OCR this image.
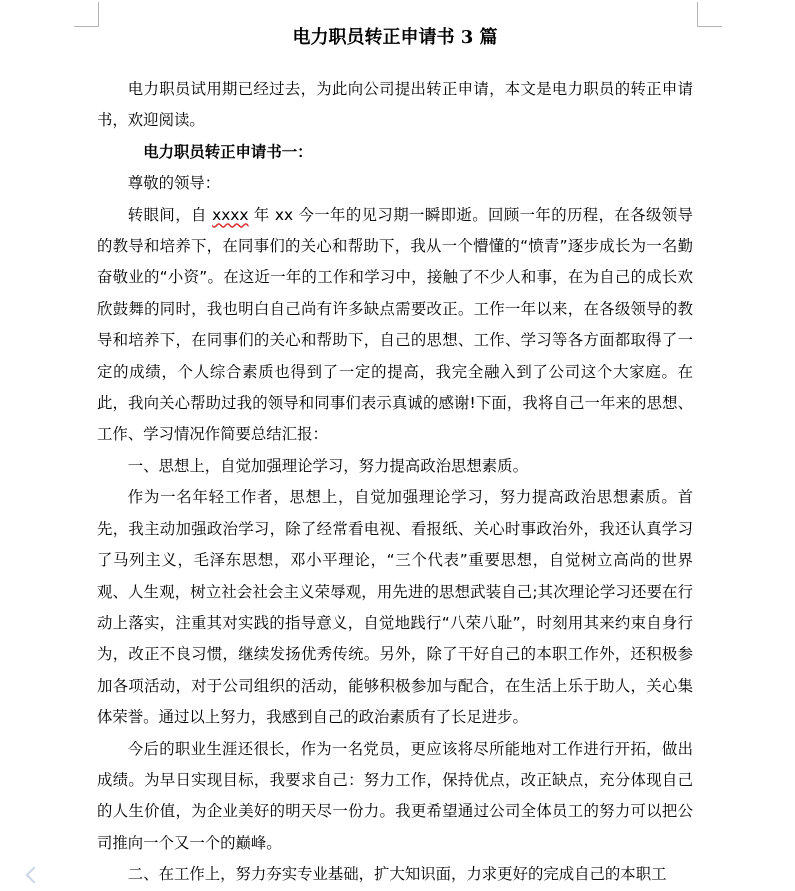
电力职员转正申请书 3 篇

电力职员试用期已经过去，为此向公司提出转正申请，本文是电力职员的转正申请书，欢迎阅读。

电力职员转正申请书一：

尊敬的领导：

转眼间，自 xxxx 年 xx 今一年的见习期一瞬即逝。回顾一年的历程，在各级领导的教导和培养下，在同事们的关心和帮助下，我从一个懵懂的“愤青”逐步成长为一名勤奋敬业的“小资”。在这近一年的工作和学习中，接触了不少人和事，在为自己的成长欢欣鼓舞的同时，我也明白自己尚有许多缺点需要改正。工作一年以来，在各级领导的教导和培养下，在同事们的关心和帮助下，自己的思想、工作、学习等各方面都取得了一定的成绩，个人综合素质也得到了一定的提高，我完全融入到了公司这个大家庭。在此，我向关心帮助过我的领导和同事们表示真诚的感谢!下面，我将自己一年来的思想、工作、学习情况作简要总结汇报：

一、思想上，自觉加强理论学习，努力提高政治思想素质。

作为一名年轻工作者，思想上，自觉加强理论学习，努力提高政治思想素质。首先，我主动加强政治学习，除了经常看电视、看报纸、关心时事政治外，我还认真学习了马列主义，毛泽东思想，邓小平理论，“三个代表”重要思想，自觉树立高尚的世界观、人生观，树立社会社会主义荣辱观，用先进的思想武装自己;其次理论学习还要在行动上落实，注重其对实践的指导意义，自觉地践行“八荣八耻”，时刻用其来约束自身行为，改正不良习惯，继续发扬优秀传统。另外，除了干好自己的本职工作外，还积极参加各项活动，对于公司组织的活动，能够积极参加与配合，在生活上乐于助人，关心集体荣誉。通过以上努力，我感到自己的政治素质有了长足进步。

今后的职业生涯还很长，作为一名党员，更应该将尽所能地对工作进行开拓，做出成绩。为早日实现目标，我要求自己：努力工作，保持优点，改正缺点，充分体现自己的人生价值，为企业美好的明天尽一份力。我更希望通过公司全体员工的努力可以把公司推向一个又一个的巅峰。

二、在工作上，努力夯实专业基础，扩大知识面，力求更好的完成自己的本职工
